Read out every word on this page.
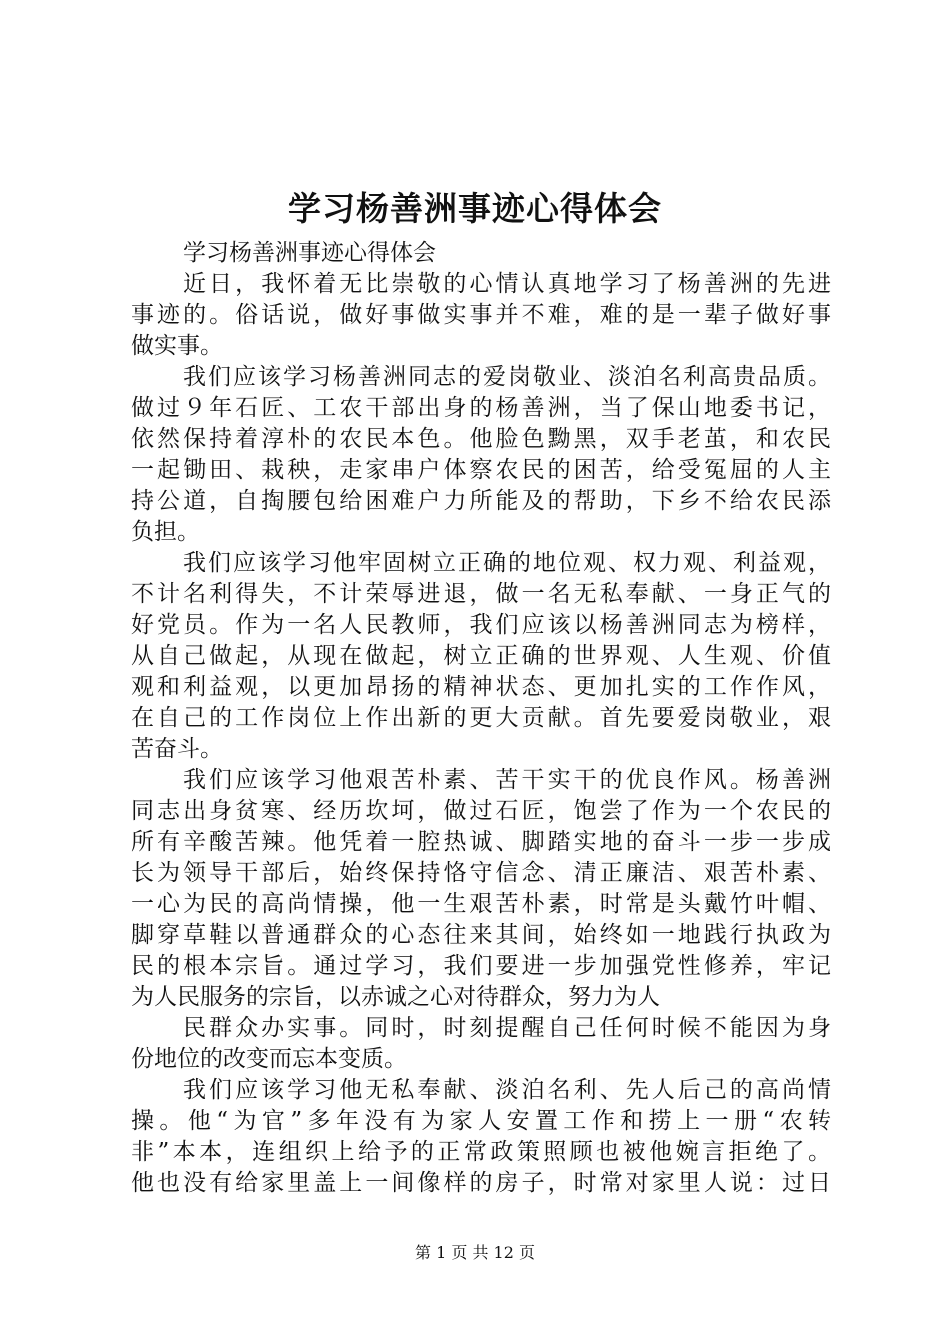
学习杨善洲事迹心得体会
学习杨善洲事迹心得体会
近日，我怀着无比崇敬的心情认真地学习了杨善洲的先进
事迹的。俗话说，做好事做实事并不难，难的是一辈子做好事
做实事。
我们应该学习杨善洲同志的爱岗敬业、淡泊名利高贵品质。
做过９年石匠、工农干部出身的杨善洲，当了保山地委书记，
依然保持着淳朴的农民本色。他脸色黝黑，双手老茧，和农民
一起锄田、栽秧，走家串户体察农民的困苦，给受冤屈的人主
持公道，自掏腰包给困难户力所能及的帮助，下乡不给农民添
负担。
我们应该学习他牢固树立正确的地位观、权力观、利益观，
不计名利得失，不计荣辱进退，做一名无私奉献、一身正气的
好党员。作为一名人民教师，我们应该以杨善洲同志为榜样，
从自己做起，从现在做起，树立正确的世界观、人生观、价值
观和利益观，以更加昂扬的精神状态、更加扎实的工作作风，
在自己的工作岗位上作出新的更大贡献。首先要爱岗敬业，艰
苦奋斗。
我们应该学习他艰苦朴素、苦干实干的优良作风。杨善洲
同志出身贫寒、经历坎坷，做过石匠，饱尝了作为一个农民的
所有辛酸苦辣。他凭着一腔热诚、脚踏实地的奋斗一步一步成
长为领导干部后，始终保持恪守信念、清正廉洁、艰苦朴素、
一心为民的高尚情操，他一生艰苦朴素，时常是头戴竹叶帽、
脚穿草鞋以普通群众的心态往来其间，始终如一地践行执政为
民的根本宗旨。通过学习，我们要进一步加强党性修养，牢记
为人民服务的宗旨，以赤诚之心对待群众，努力为人
民群众办实事。同时，时刻提醒自己任何时候不能因为身
份地位的改变而忘本变质。
我们应该学习他无私奉献、淡泊名利、先人后己的高尚情
操。他“为官”多年没有为家人安置工作和捞上一册“农转
非”本本，连组织上给予的正常政策照顾也被他婉言拒绝了。
他也没有给家里盖上一间像样的房子，时常对家里人说：过日
第 1 页 共 12 页
